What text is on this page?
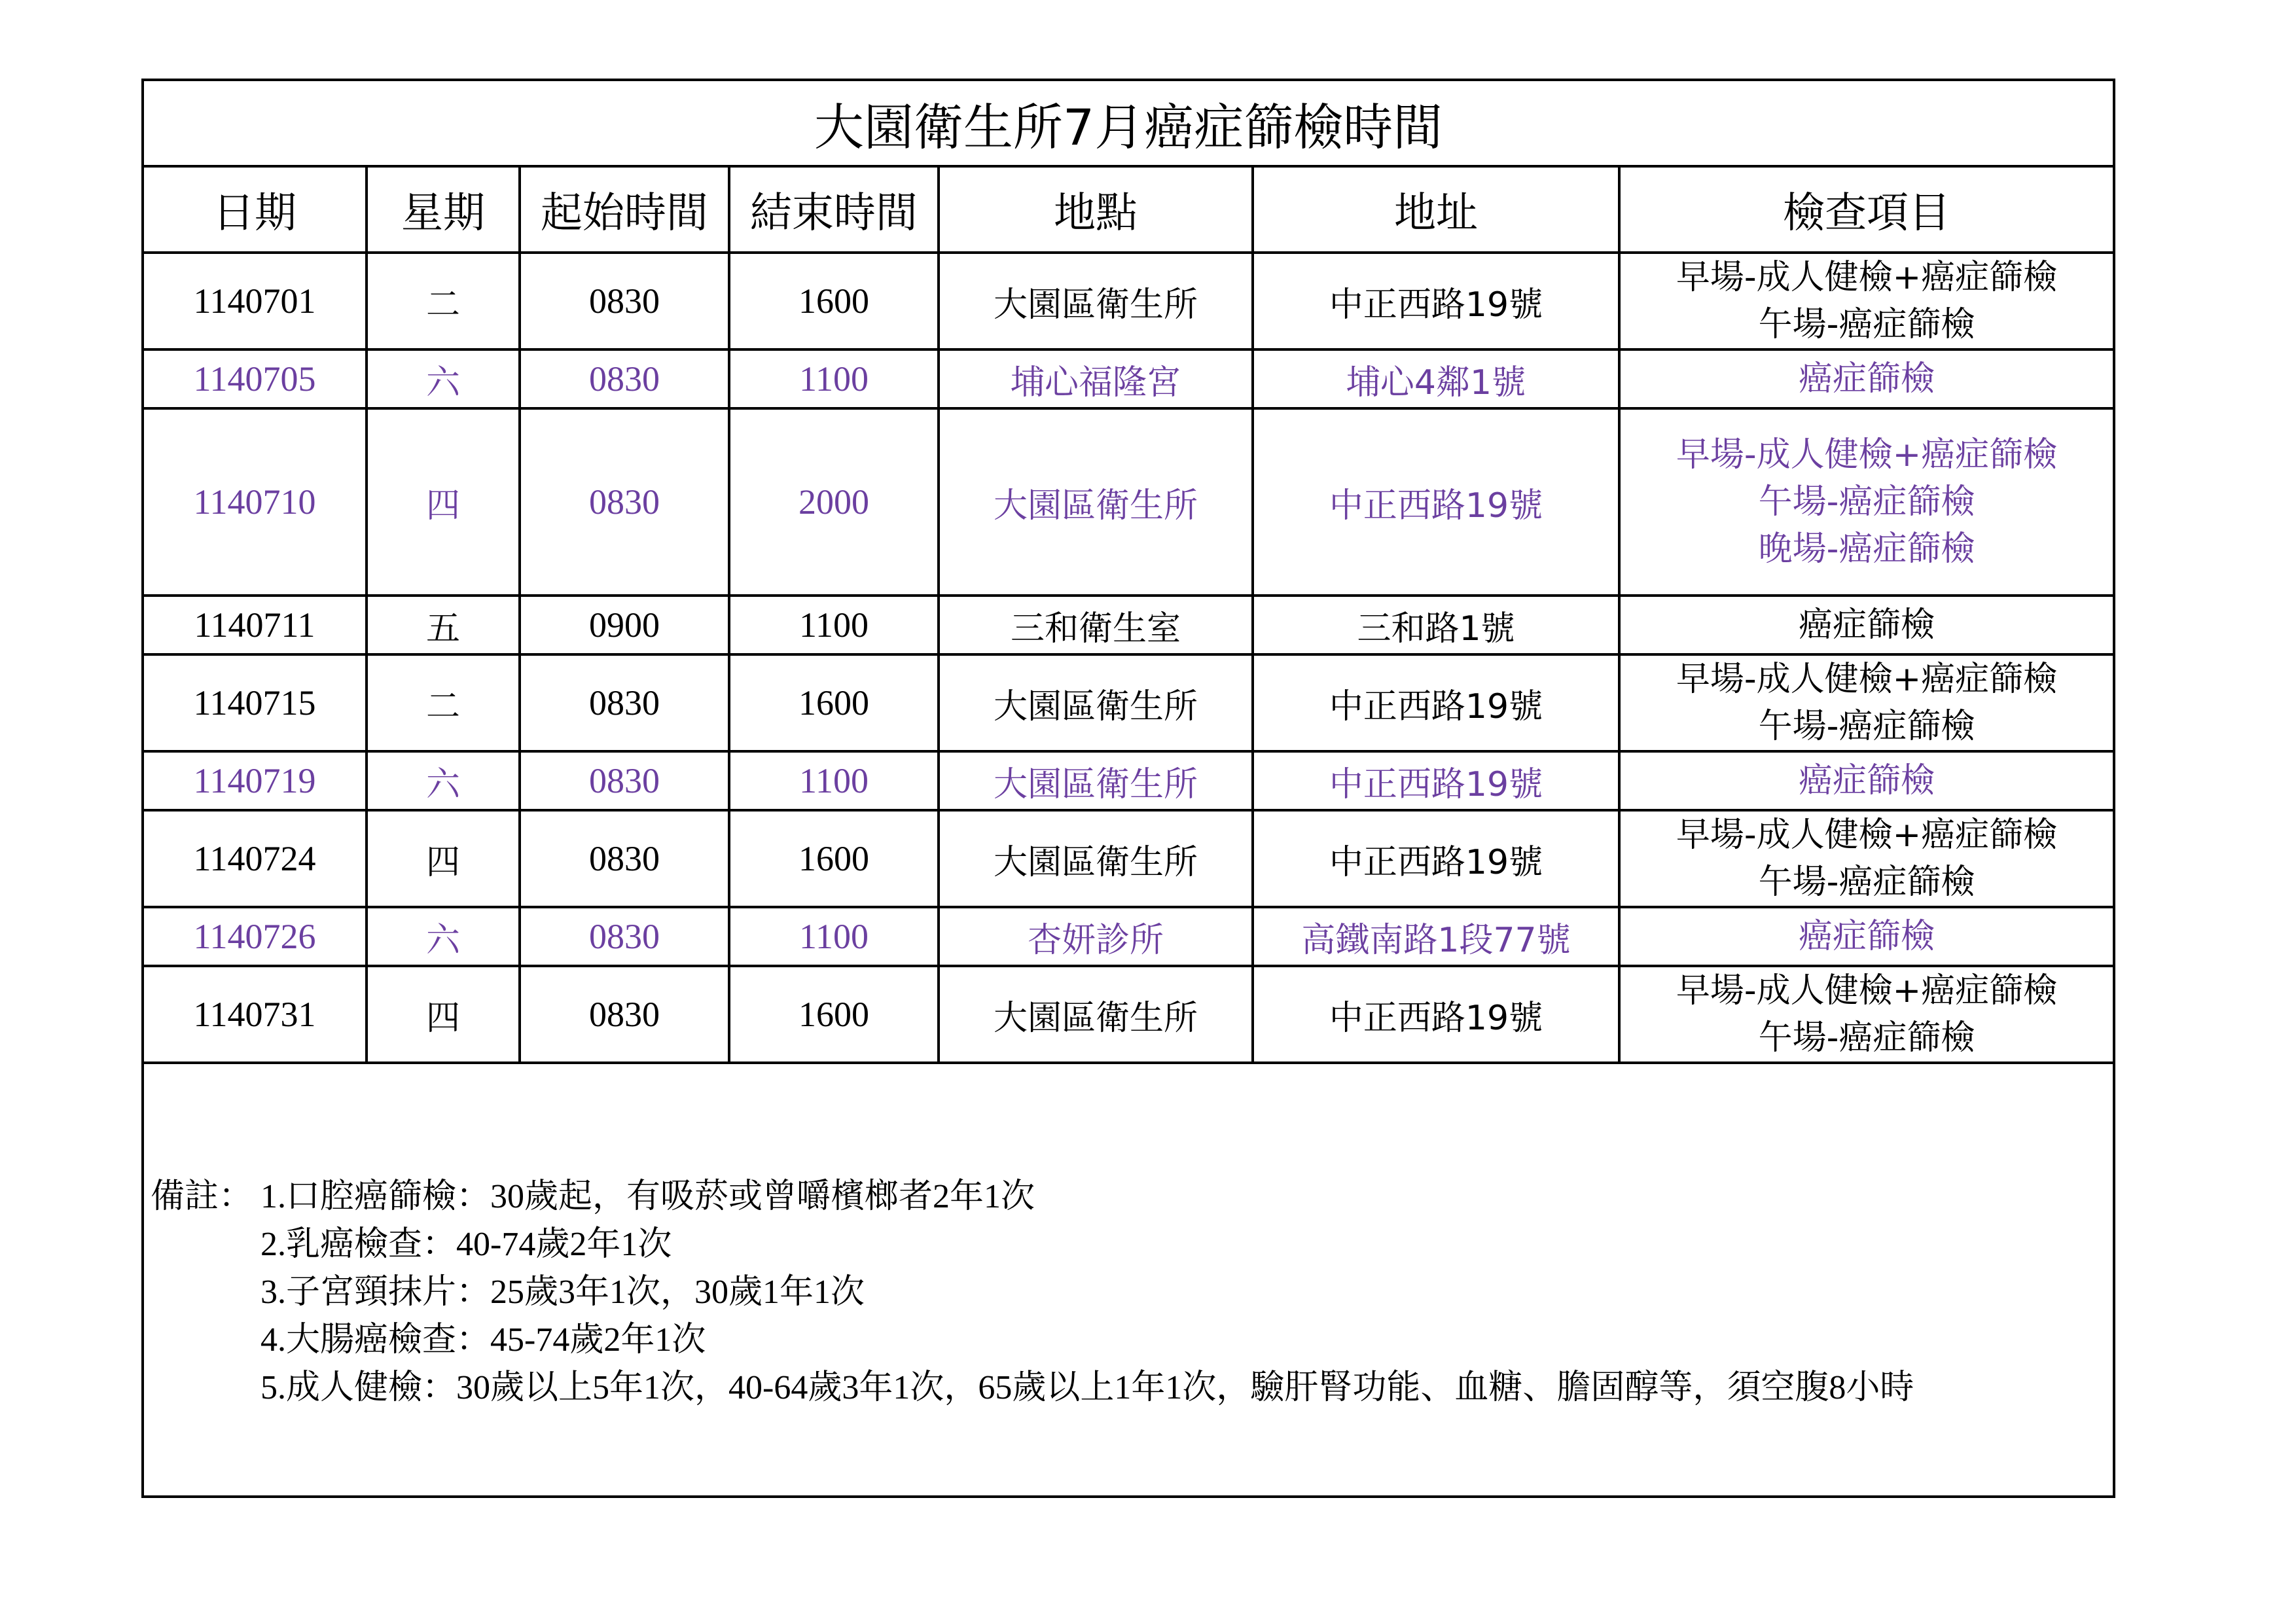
大園衛生所7月癌症篩檢時間						
日期	星期	起始時間	結束時間	地點	地址	檢查項目
1140701	二	0830	1600	大園區衛生所	中正西路19號	早場-成人健檢+癌症篩檢
午場-癌症篩檢

1140705	六	0830	1100	埔心福隆宮	埔心4鄰1號	癌症篩檢

1140710	四	0830	2000	大園區衛生所	中正西路19號	早場-成人健檢+癌症篩檢
午場-癌症篩檢
晚場-癌症篩檢

1140711	五	0900	1100	三和衛生室	三和路1號	癌症篩檢

1140715	二	0830	1600	大園區衛生所	中正西路19號	早場-成人健檢+癌症篩檢
午場-癌症篩檢

1140719	六	0830	1100	大園區衛生所	中正西路19號	癌症篩檢

1140724	四	0830	1600	大園區衛生所	中正西路19號	早場-成人健檢+癌症篩檢
午場-癌症篩檢

1140726	六	0830	1100	杏妍診所	高鐵南路1段77號	癌症篩檢

1140731	四	0830	1600	大園區衛生所	中正西路19號	早場-成人健檢+癌症篩檢
午場-癌症篩檢
備註： 1.口腔癌篩檢：30歲起，有吸菸或曾嚼檳榔者2年1次
2.乳癌檢查：40-74歲2年1次
3.子宮頸抹片：25歲3年1次，30歲1年1次
4.大腸癌檢查：45-74歲2年1次
5.成人健檢：30歲以上5年1次，40-64歲3年1次，65歲以上1年1次，驗肝腎功能、血糖、膽固醇等，須空腹8小時
